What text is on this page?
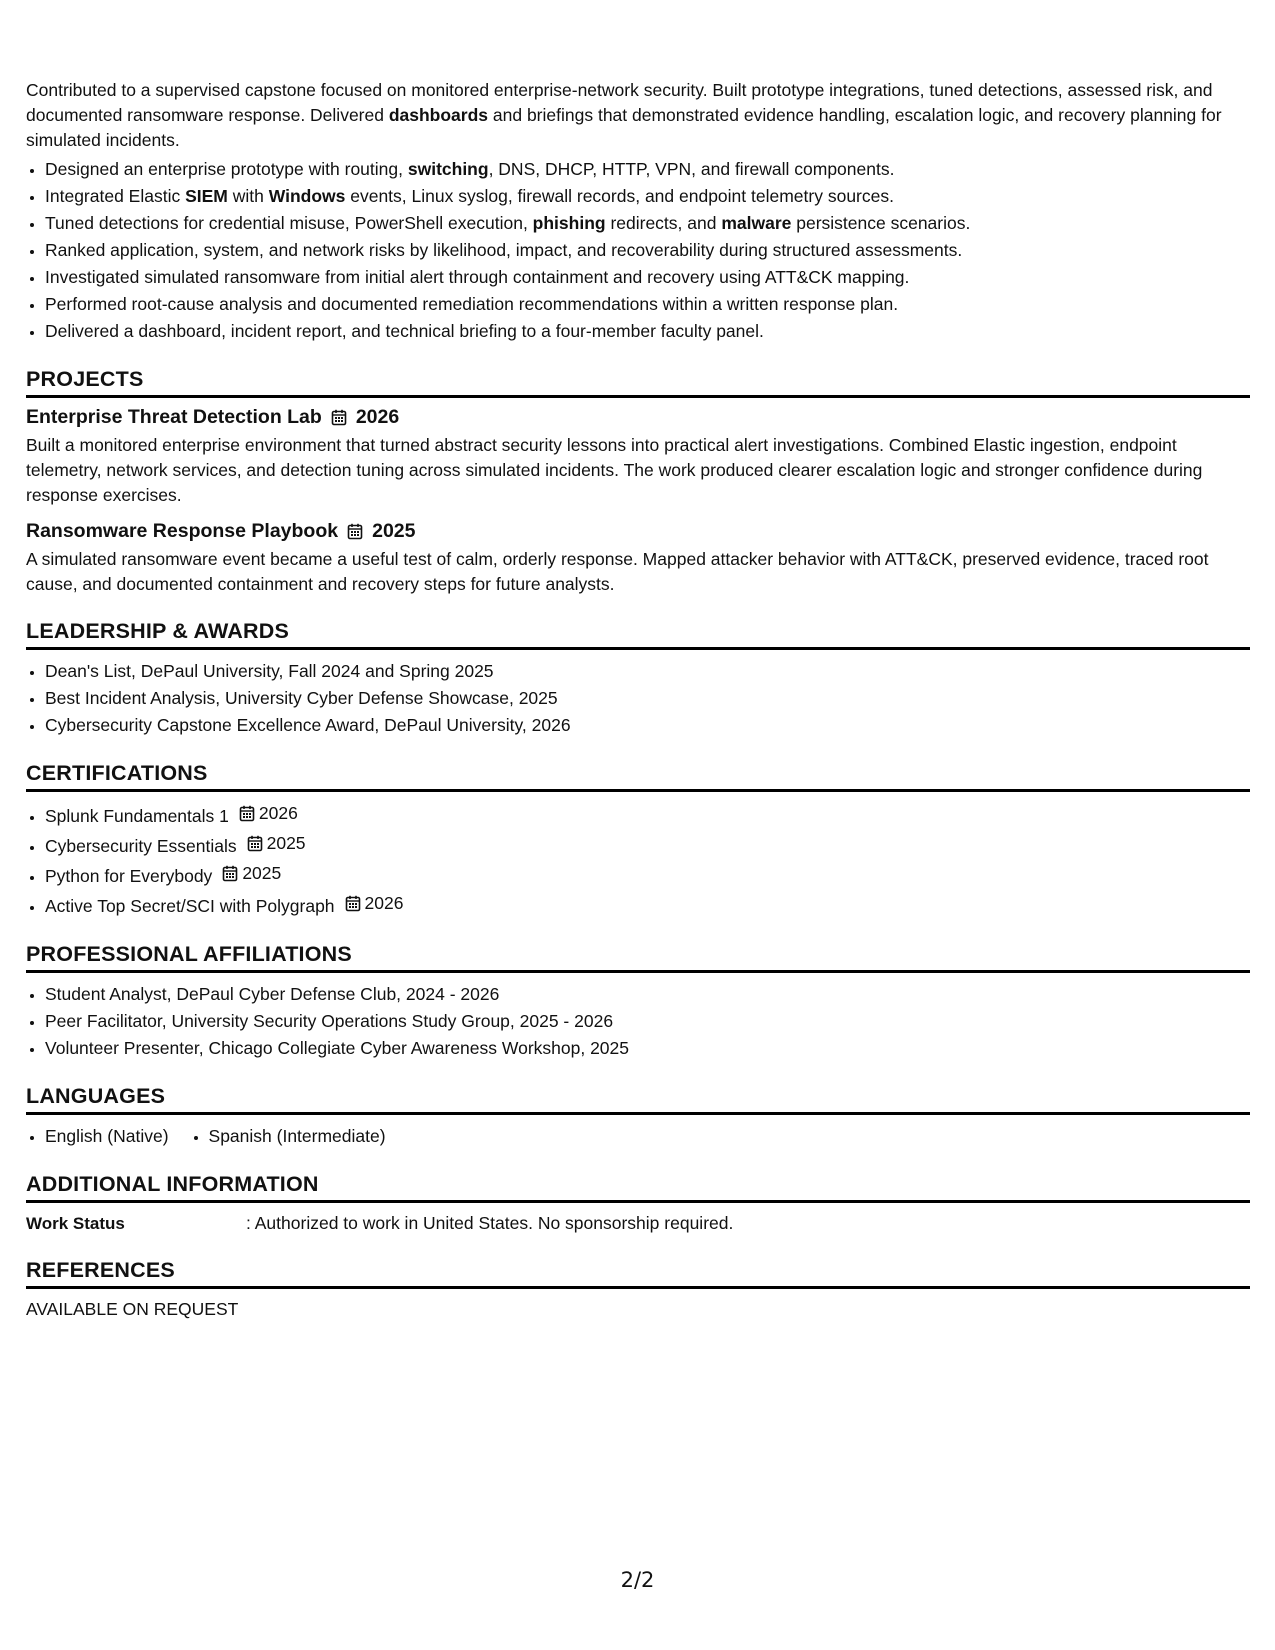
Contributed to a supervised capstone focused on monitored enterprise-network security. Built prototype integrations, tuned detections, assessed risk, and documented ransomware response. Delivered dashboards and briefings that demonstrated evidence handling, escalation logic, and recovery planning for simulated incidents.

• Designed an enterprise prototype with routing, switching, DNS, DHCP, HTTP, VPN, and firewall components.
• Integrated Elastic SIEM with Windows events, Linux syslog, firewall records, and endpoint telemetry sources.
• Tuned detections for credential misuse, PowerShell execution, phishing redirects, and malware persistence scenarios.
• Ranked application, system, and network risks by likelihood, impact, and recoverability during structured assessments.
• Investigated simulated ransomware from initial alert through containment and recovery using ATT&CK mapping.
• Performed root-cause analysis and documented remediation recommendations within a written response plan.
• Delivered a dashboard, incident report, and technical briefing to a four-member faculty panel.
PROJECTS
Enterprise Threat Detection Lab 2026

Built a monitored enterprise environment that turned abstract security lessons into practical alert investigations. Combined Elastic ingestion, endpoint telemetry, network services, and detection tuning across simulated incidents. The work produced clearer escalation logic and stronger confidence during response exercises.

Ransomware Response Playbook 2025

A simulated ransomware event became a useful test of calm, orderly response. Mapped attacker behavior with ATT&CK, preserved evidence, traced root cause, and documented containment and recovery steps for future analysts.

LEADERSHIP & AWARDS
• Dean's List, DePaul University, Fall 2024 and Spring 2025
• Best Incident Analysis, University Cyber Defense Showcase, 2025
• Cybersecurity Capstone Excellence Award, DePaul University, 2026
CERTIFICATIONS
• Splunk Fundamentals 1 2026
• Cybersecurity Essentials 2025
• Python for Everybody 2025
• Active Top Secret/SCI with Polygraph 2026
PROFESSIONAL AFFILIATIONS
• Student Analyst, DePaul Cyber Defense Club, 2024 - 2026
• Peer Facilitator, University Security Operations Study Group, 2025 - 2026
• Volunteer Presenter, Chicago Collegiate Cyber Awareness Workshop, 2025
LANGUAGES
• English (Native)
• Spanish (Intermediate)
ADDITIONAL INFORMATION
Work Status	: Authorized to work in United States. No sponsorship required.
REFERENCES
AVAILABLE ON REQUEST
2/2
